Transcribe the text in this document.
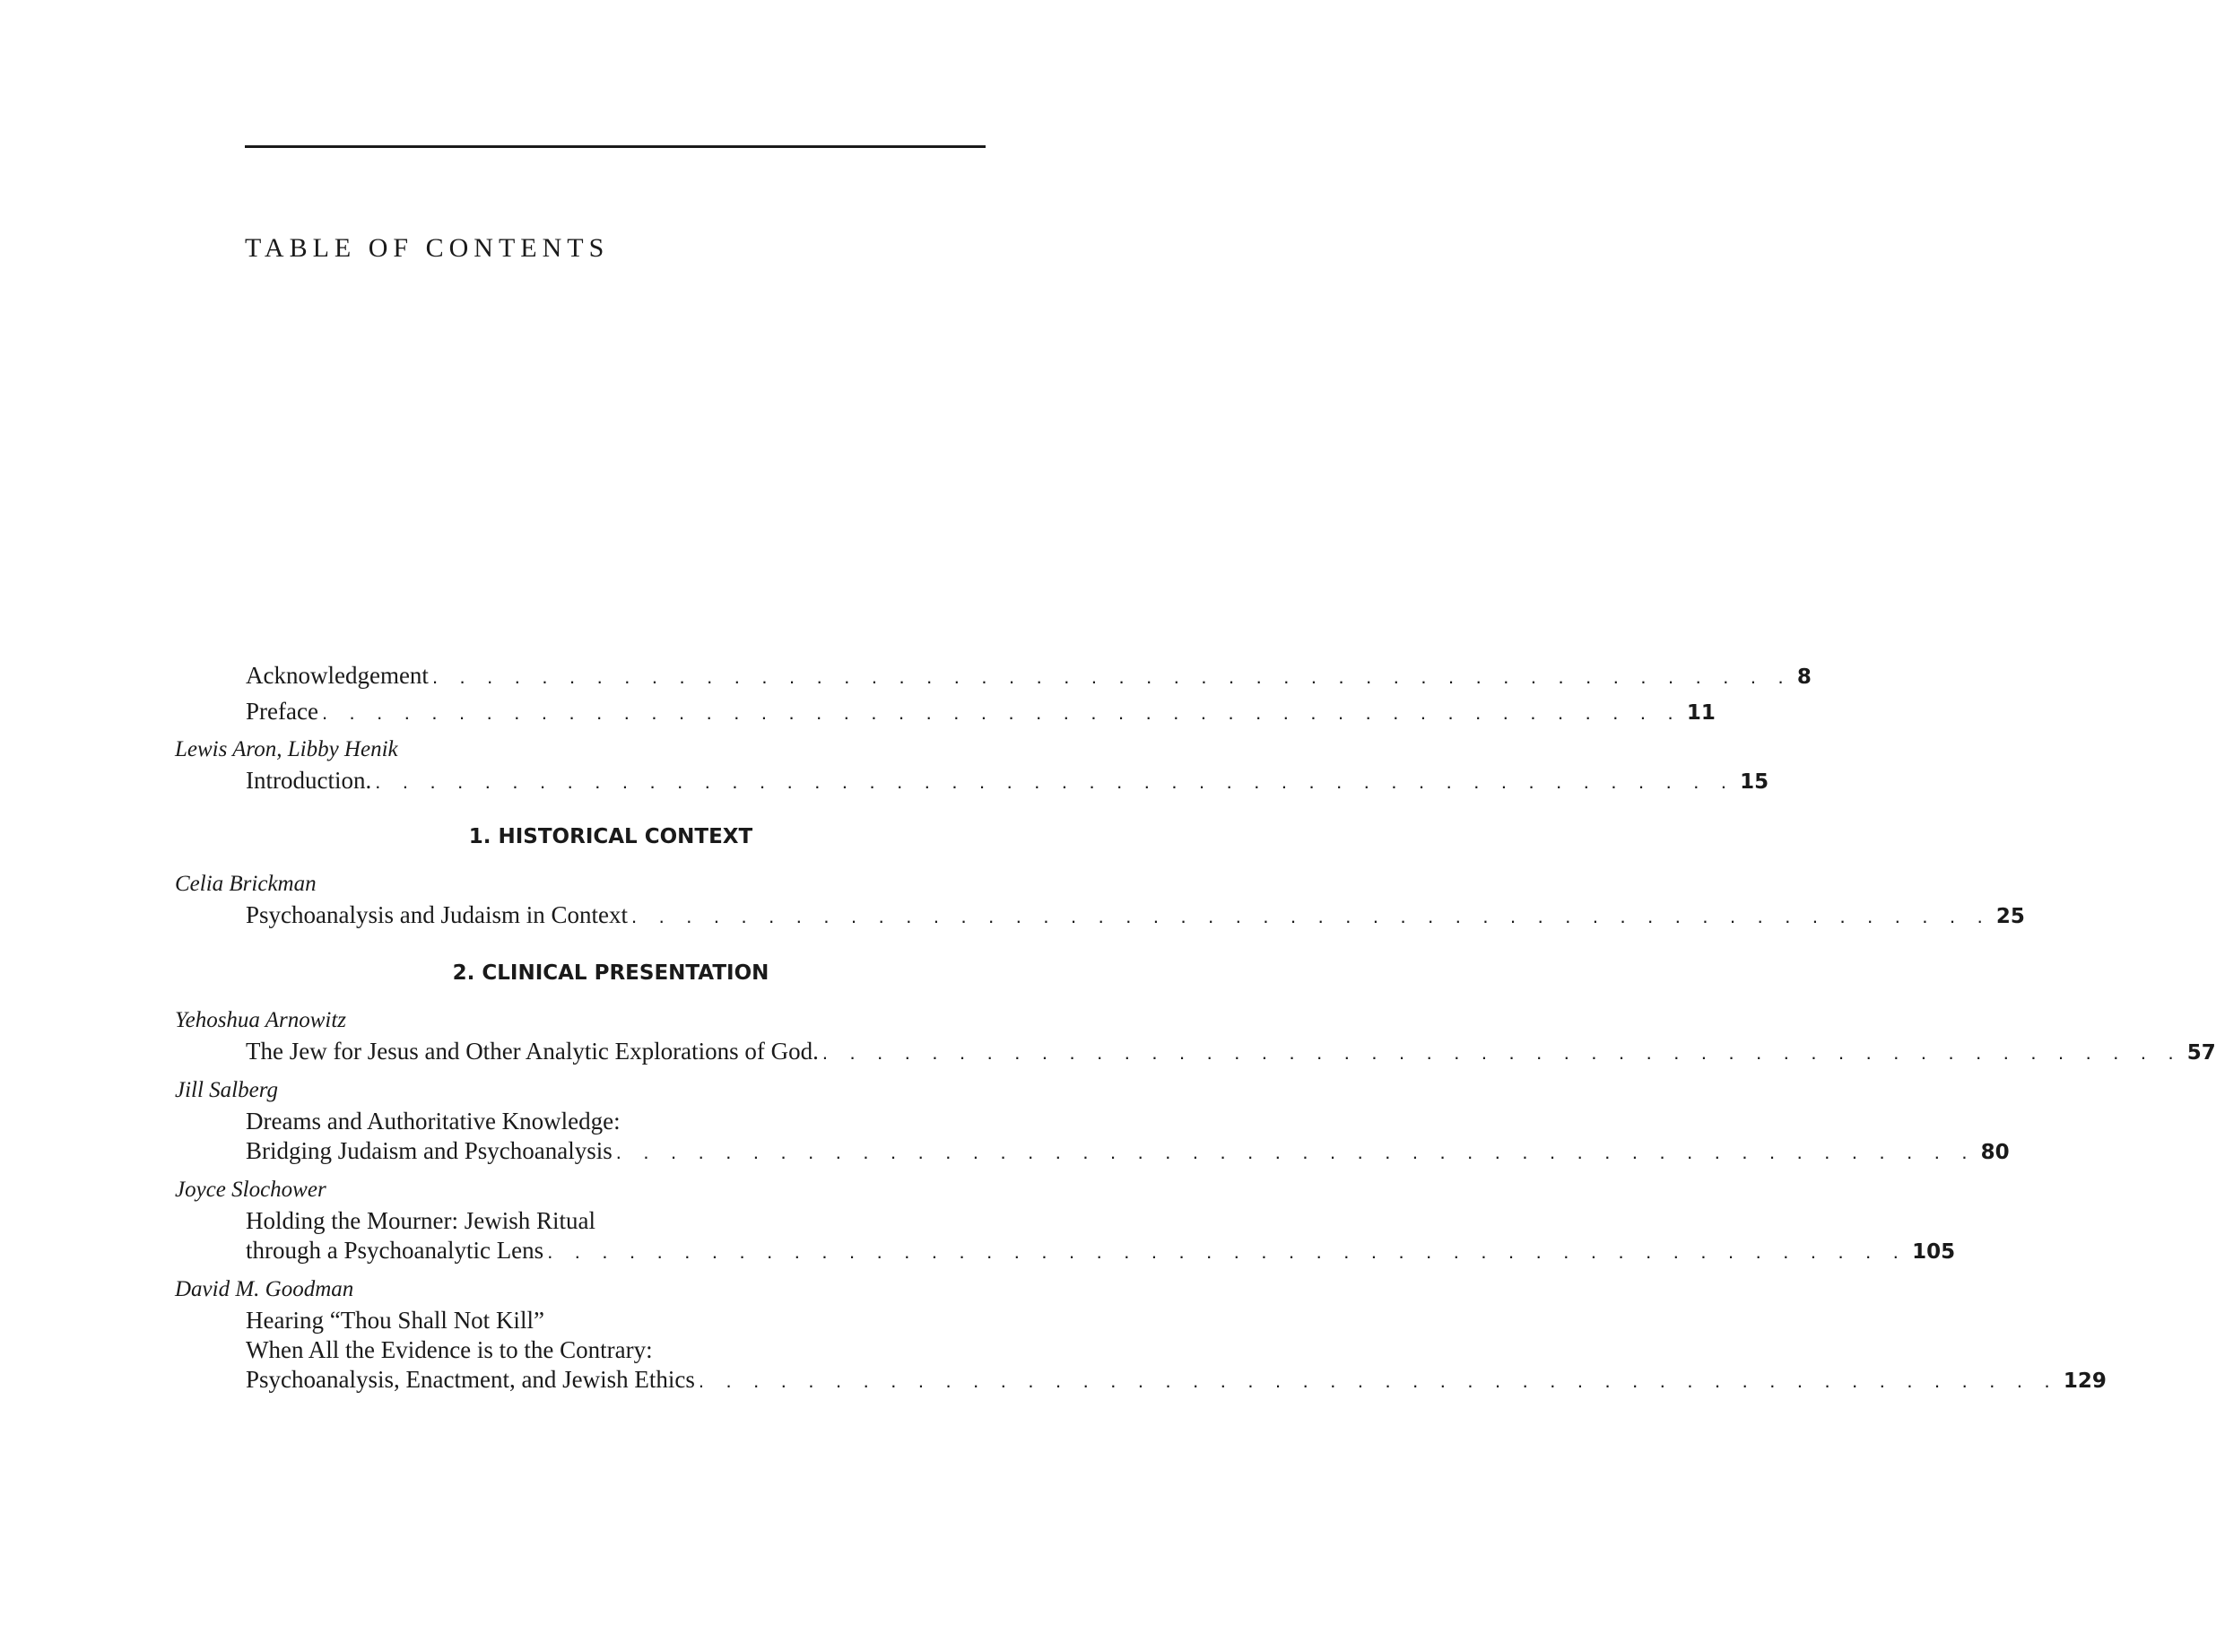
TABLE OF CONTENTS
Acknowledgement . . . . . . . . . . . . . . . . . . . . . . . . . . . . . . . . . . . . . . . . . . . . . . . . . . 8
Preface . . . . . . . . . . . . . . . . . . . . . . . . . . . . . . . . . . . . . . . . . . . . . . . . . . 11
Lewis Aron, Libby Henik
Introduction. . . . . . . . . . . . . . . . . . . . . . . . . . . . . . . . . . . . . . . . . . . . . . . . . . . 15
1. HISTORICAL CONTEXT
Celia Brickman
Psychoanalysis and Judaism in Context . . . . . . . . . . . . . . . . . . . . . . . . . . . . . . . . . . . . . . . . . . . . . . . . . . 25
2. CLINICAL PRESENTATION
Yehoshua Arnowitz
The Jew for Jesus and Other Analytic Explorations of God. . . . . . . . . . . . . . . . . . . . . . . . . . . . . . . . . . . . . . . . . . . . . . . . . . . 57
Jill Salberg
Dreams and Authoritative Knowledge:
Bridging Judaism and Psychoanalysis . . . . . . . . . . . . . . . . . . . . . . . . . . . . . . . . . . . . . . . . . . . . . . . . . . 80
Joyce Slochower
Holding the Mourner: Jewish Ritual
through a Psychoanalytic Lens . . . . . . . . . . . . . . . . . . . . . . . . . . . . . . . . . . . . . . . . . . . . . . . . . . 105
David M. Goodman
Hearing “Thou Shall Not Kill”
When All the Evidence is to the Contrary:
Psychoanalysis, Enactment, and Jewish Ethics . . . . . . . . . . . . . . . . . . . . . . . . . . . . . . . . . . . . . . . . . . . . . . . . . . 129
